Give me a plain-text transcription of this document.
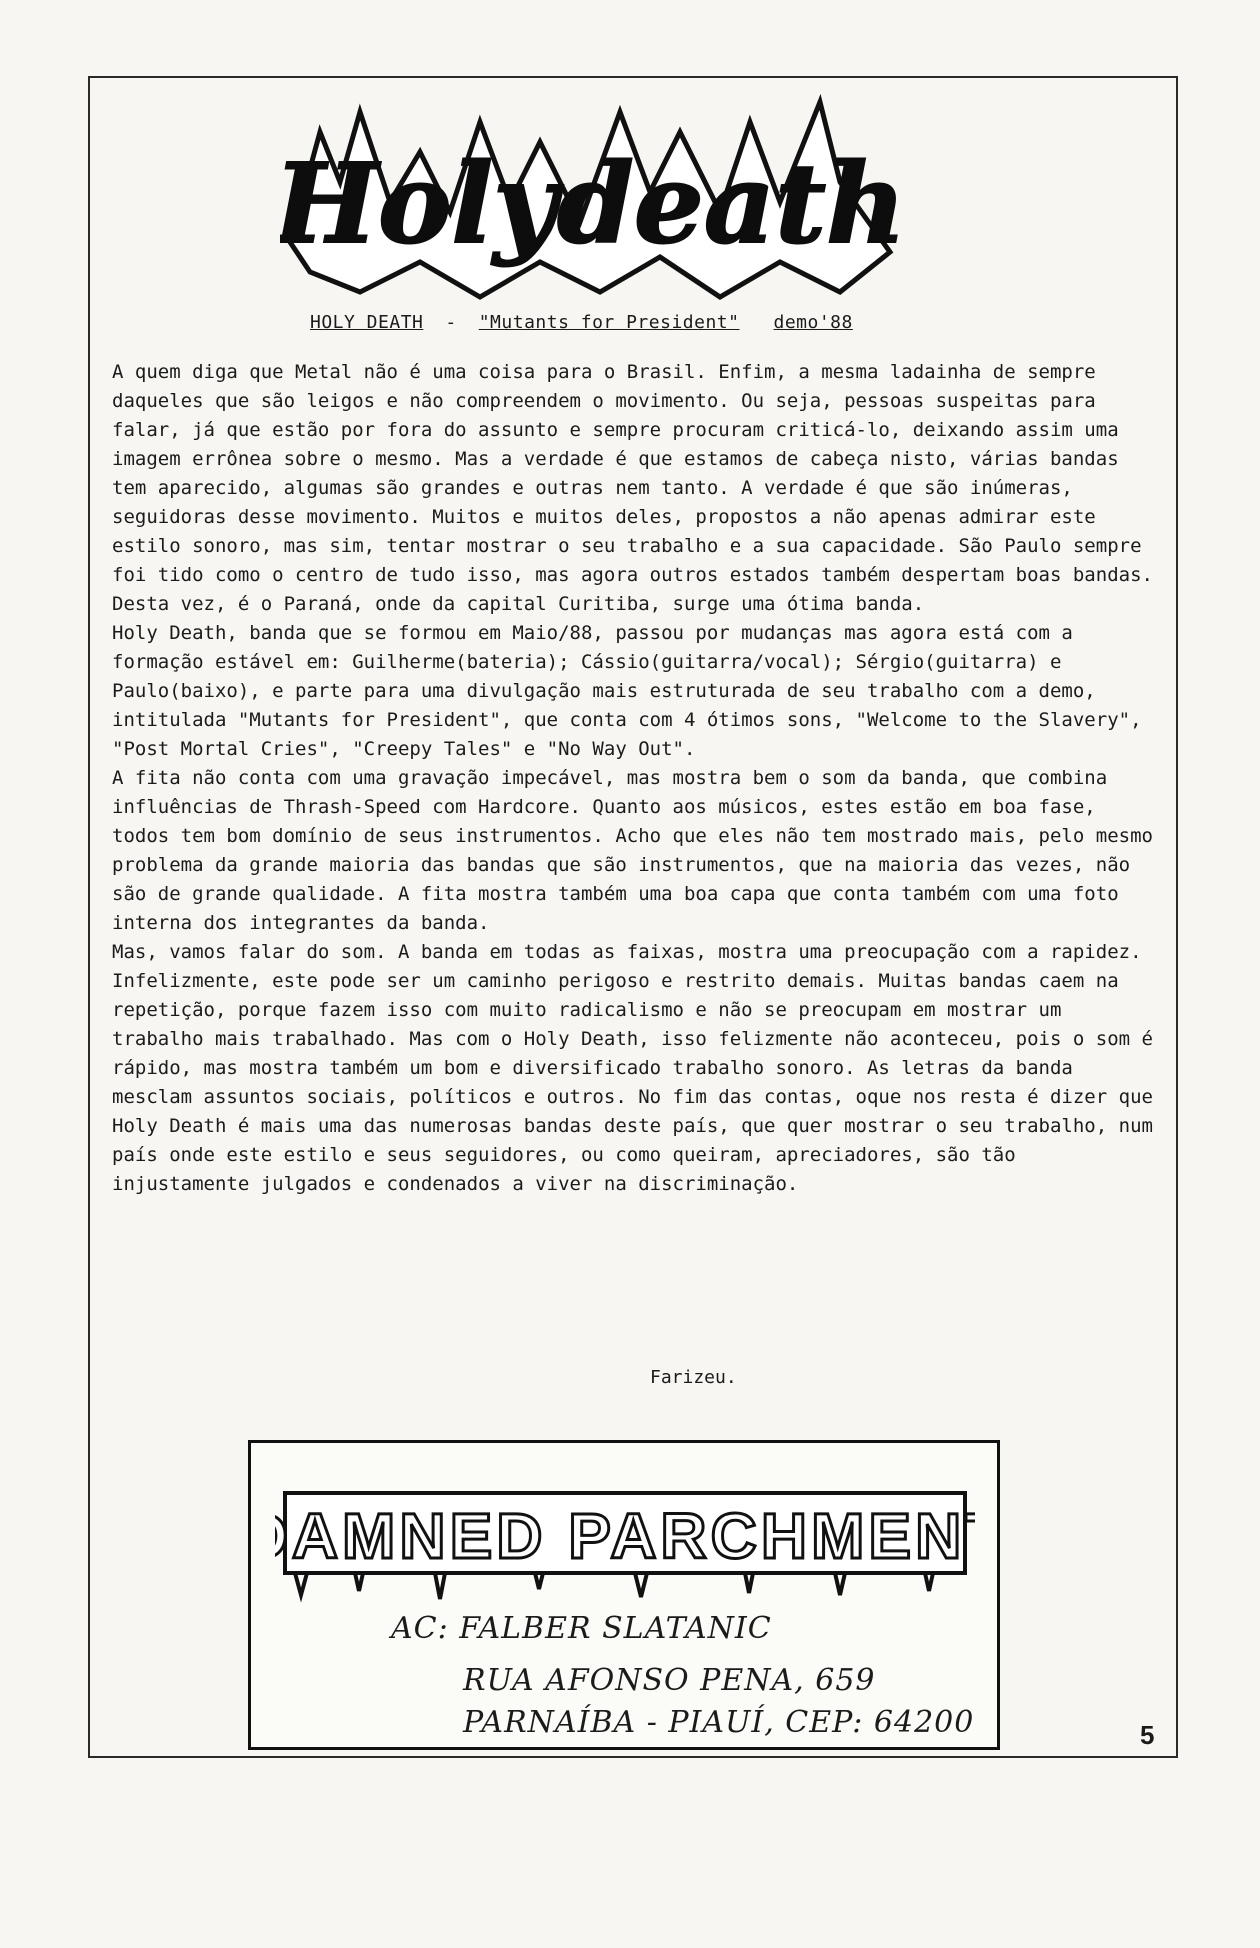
Holydeath
HOLY DEATH - "Mutants for President" demo'88

A quem diga que Metal não é uma coisa para o Brasil. Enfim, a mesma ladainha de sempre daqueles que são leigos e não compreendem o movimento. Ou seja, pessoas suspeitas para falar, já que estão por fora do assunto e sempre procuram criticá-lo, deixando assim uma imagem errônea sobre o mesmo. Mas a verdade é que estamos de cabeça nisto, várias bandas tem aparecido, algumas são grandes e outras nem tanto. A verdade é que são inúmeras, seguidoras desse movimento. Muitos e muitos deles, propostos a não apenas admirar este estilo sonoro, mas sim, tentar mostrar o seu trabalho e a sua capacidade. São Paulo sempre foi tido como o centro de tudo isso, mas agora outros estados também despertam boas bandas.

Desta vez, é o Paraná, onde da capital Curitiba, surge uma ótima banda.

Holy Death, banda que se formou em Maio/88, passou por mudanças mas agora está com a formação estável em: Guilherme(bateria); Cássio(guitarra/vocal); Sérgio(guitarra) e Paulo(baixo), e parte para uma divulgação mais estruturada de seu trabalho com a demo, intitulada "Mutants for President", que conta com 4 ótimos sons, "Welcome to the Slavery", "Post Mortal Cries", "Creepy Tales" e "No Way Out".

A fita não conta com uma gravação impecável, mas mostra bem o som da banda, que combina influências de Thrash-Speed com Hardcore. Quanto aos músicos, estes estão em boa fase, todos tem bom domínio de seus instrumentos. Acho que eles não tem mostrado mais, pelo mesmo problema da grande maioria das bandas que são instrumentos, que na maioria das vezes, não são de grande qualidade. A fita mostra também uma boa capa que conta também com uma foto interna dos integrantes da banda.

Mas, vamos falar do som. A banda em todas as faixas, mostra uma preocupação com a rapidez. Infelizmente, este pode ser um caminho perigoso e restrito demais. Muitas bandas caem na repetição, porque fazem isso com muito radicalismo e não se preocupam em mostrar um trabalho mais trabalhado. Mas com o Holy Death, isso felizmente não aconteceu, pois o som é rápido, mas mostra também um bom e diversificado trabalho sonoro. As letras da banda mesclam assuntos sociais, políticos e outros. No fim das contas, oque nos resta é dizer que Holy Death é mais uma das numerosas bandas deste país, que quer mostrar o seu trabalho, num país onde este estilo e seus seguidores, ou como queiram, apreciadores, são tão injustamente julgados e condenados a viver na discriminação.

Farizeu.
DAMNED PARCHMENT
AC: FALBER SLATANIC
RUA AFONSO PENA, 659
PARNAÍBA - PIAUÍ, CEP: 64200	5
